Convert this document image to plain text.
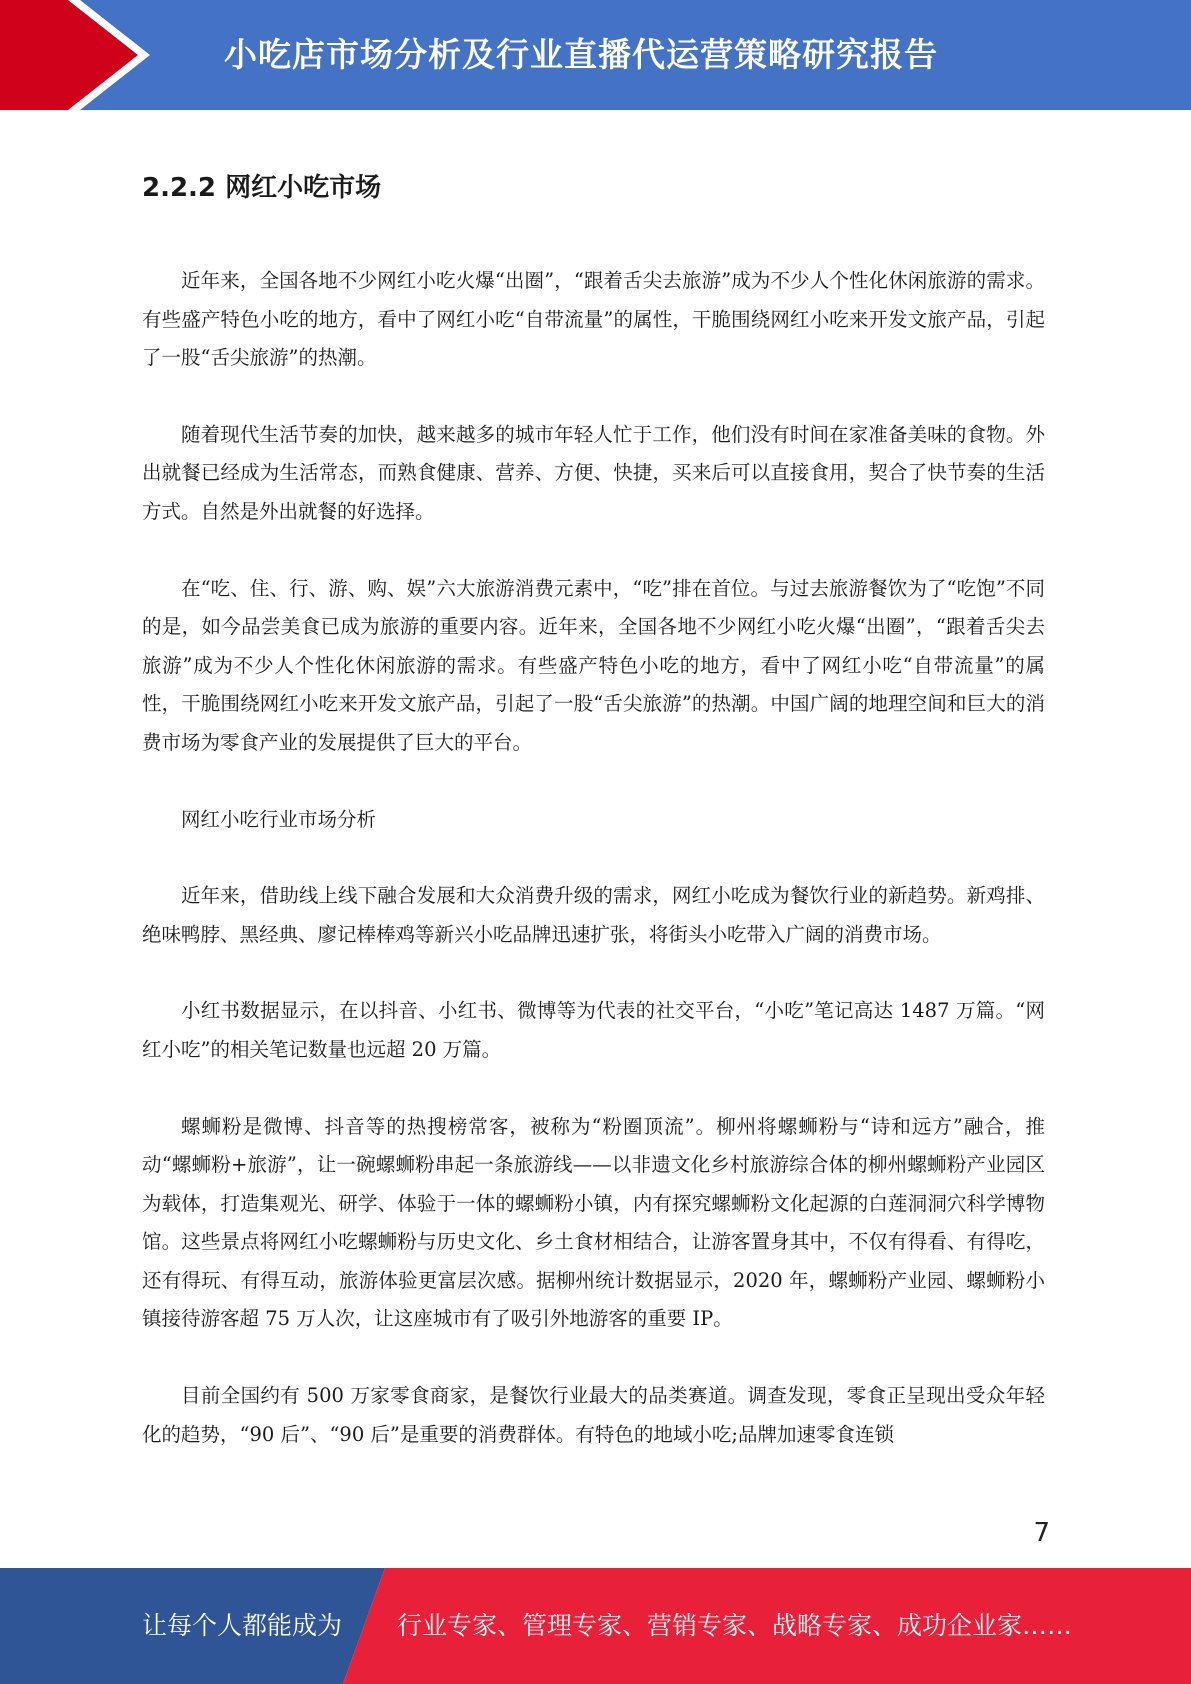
小吃店市场分析及行业直播代运营策略研究报告
2.2.2 网红小吃市场

近年来，全国各地不少网红小吃火爆“出圈”，“跟着舌尖去旅游”成为不少人个性化休闲旅游的需求。有些盛产特色小吃的地方，看中了网红小吃“自带流量”的属性，干脆围绕网红小吃来开发文旅产品，引起了一股“舌尖旅游”的热潮。

随着现代生活节奏的加快，越来越多的城市年轻人忙于工作，他们没有时间在家准备美味的食物。外出就餐已经成为生活常态，而熟食健康、营养、方便、快捷，买来后可以直接食用，契合了快节奏的生活方式。自然是外出就餐的好选择。

在“吃、住、行、游、购、娱”六大旅游消费元素中，“吃”排在首位。与过去旅游餐饮为了“吃饱”不同的是，如今品尝美食已成为旅游的重要内容。近年来，全国各地不少网红小吃火爆“出圈”，“跟着舌尖去旅游”成为不少人个性化休闲旅游的需求。有些盛产特色小吃的地方，看中了网红小吃“自带流量”的属性，干脆围绕网红小吃来开发文旅产品，引起了一股“舌尖旅游”的热潮。中国广阔的地理空间和巨大的消费市场为零食产业的发展提供了巨大的平台。

网红小吃行业市场分析

近年来，借助线上线下融合发展和大众消费升级的需求，网红小吃成为餐饮行业的新趋势。新鸡排、绝味鸭脖、黑经典、廖记棒棒鸡等新兴小吃品牌迅速扩张，将街头小吃带入广阔的消费市场。

小红书数据显示，在以抖音、小红书、微博等为代表的社交平台，“小吃”笔记高达 1487 万篇。“网红小吃”的相关笔记数量也远超 20 万篇。

螺蛳粉是微博、抖音等的热搜榜常客，被称为“粉圈顶流”。柳州将螺蛳粉与“诗和远方”融合，推动“螺蛳粉+旅游”，让一碗螺蛳粉串起一条旅游线——以非遗文化乡村旅游综合体的柳州螺蛳粉产业园区为载体，打造集观光、研学、体验于一体的螺蛳粉小镇，内有探究螺蛳粉文化起源的白莲洞洞穴科学博物馆。这些景点将网红小吃螺蛳粉与历史文化、乡土食材相结合，让游客置身其中，不仅有得看、有得吃，还有得玩、有得互动，旅游体验更富层次感。据柳州统计数据显示，2020 年，螺蛳粉产业园、螺蛳粉小镇接待游客超 75 万人次，让这座城市有了吸引外地游客的重要 IP。

目前全国约有 500 万家零食商家，是餐饮行业最大的品类赛道。调查发现，零食正呈现出受众年轻化的趋势，“90 后”、“90 后”是重要的消费群体。有特色的地域小吃;品牌加速零食连锁

7
让每个人都能成为 行业专家、管理专家、营销专家、战略专家、成功企业家……
